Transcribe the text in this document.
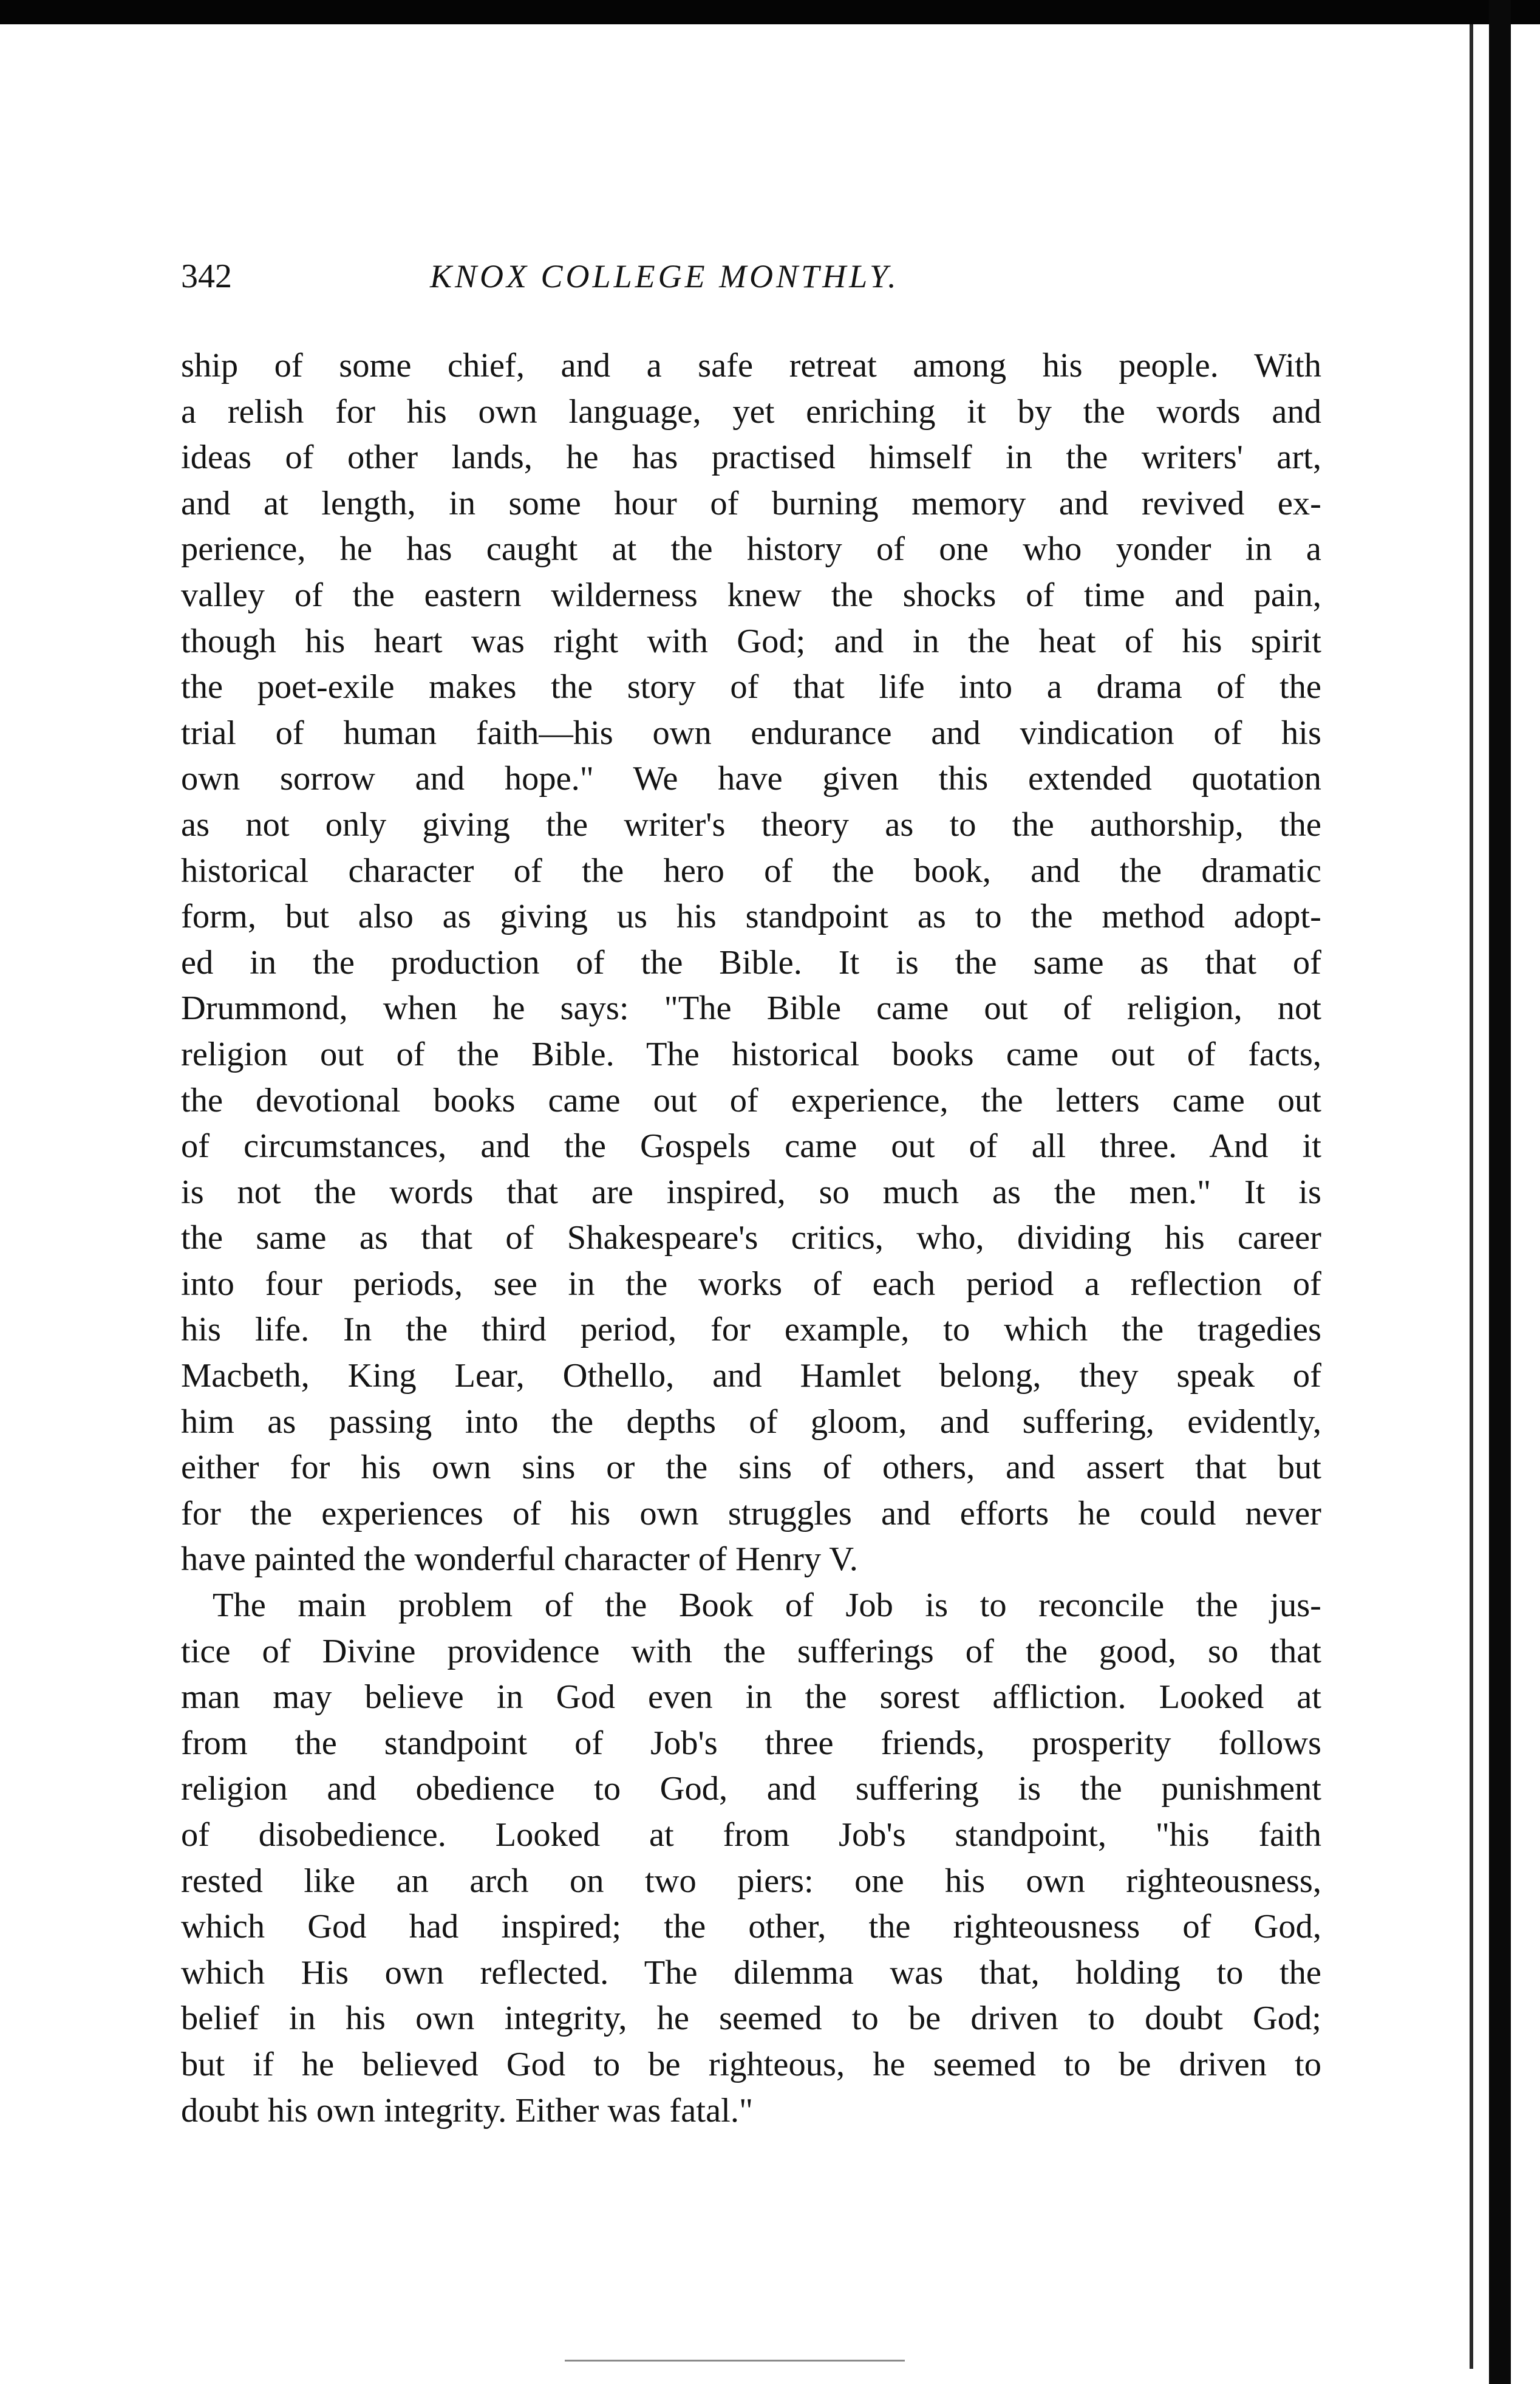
342	KNOX COLLEGE MONTHLY.
ship of some chief, and a safe retreat among his people. With
a relish for his own language, yet enriching it by the words and
ideas of other lands, he has practised himself in the writers' art,
and at length, in some hour of burning memory and revived ex-
perience, he has caught at the history of one who yonder in a
valley of the eastern wilderness knew the shocks of time and pain,
though his heart was right with God; and in the heat of his spirit
the poet-exile makes the story of that life into a drama of the
trial of human faith—his own endurance and vindication of his
own sorrow and hope." We have given this extended quotation
as not only giving the writer's theory as to the authorship, the
historical character of the hero of the book, and the dramatic
form, but also as giving us his standpoint as to the method adopt-
ed in the production of the Bible. It is the same as that of
Drummond, when he says: "The Bible came out of religion, not
religion out of the Bible. The historical books came out of facts,
the devotional books came out of experience, the letters came out
of circumstances, and the Gospels came out of all three. And it
is not the words that are inspired, so much as the men." It is
the same as that of Shakespeare's critics, who, dividing his career
into four periods, see in the works of each period a reflection of
his life. In the third period, for example, to which the tragedies
Macbeth, King Lear, Othello, and Hamlet belong, they speak of
him as passing into the depths of gloom, and suffering, evidently,
either for his own sins or the sins of others, and assert that but
for the experiences of his own struggles and efforts he could never
have painted the wonderful character of Henry V.
The main problem of the Book of Job is to reconcile the jus-
tice of Divine providence with the sufferings of the good, so that
man may believe in God even in the sorest affliction. Looked at
from the standpoint of Job's three friends, prosperity follows
religion and obedience to God, and suffering is the punishment
of disobedience. Looked at from Job's standpoint, "his faith
rested like an arch on two piers: one his own righteousness,
which God had inspired; the other, the righteousness of God,
which His own reflected. The dilemma was that, holding to the
belief in his own integrity, he seemed to be driven to doubt God;
but if he believed God to be righteous, he seemed to be driven to
doubt his own integrity. Either was fatal."
